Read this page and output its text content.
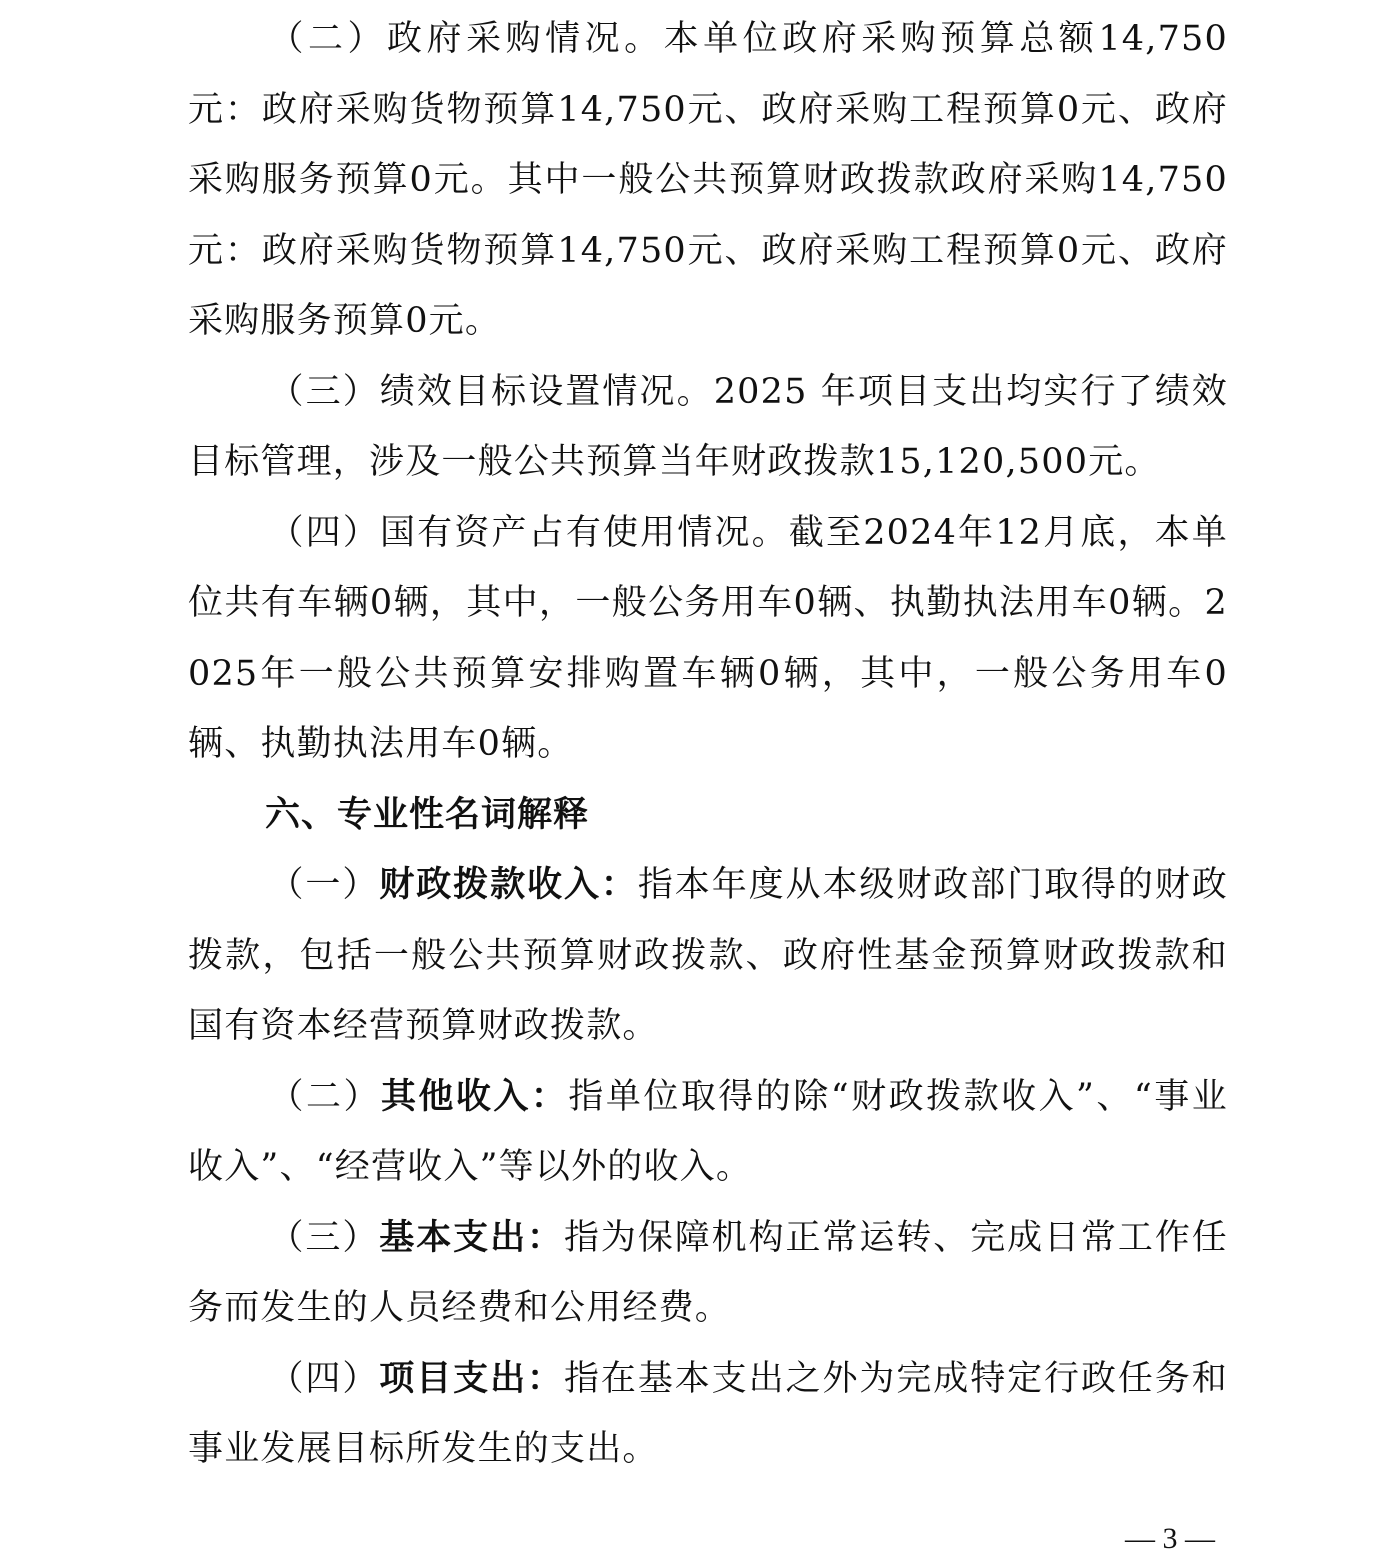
（二）政府采购情况。本单位政府采购预算总额14,750元：政府采购货物预算14,750元、政府采购工程预算0元、政府采购服务预算0元。其中一般公共预算财政拨款政府采购14,750元：政府采购货物预算14,750元、政府采购工程预算0元、政府采购服务预算0元。

（三）绩效目标设置情况。2025 年项目支出均实行了绩效目标管理，涉及一般公共预算当年财政拨款15,120,500元。

（四）国有资产占有使用情况。截至2024年12月底，本单位共有车辆0辆，其中，一般公务用车0辆、执勤执法用车0辆。2025年一般公共预算安排购置车辆0辆，其中，一般公务用车0辆、执勤执法用车0辆。

六、专业性名词解释

（一）财政拨款收入：指本年度从本级财政部门取得的财政拨款，包括一般公共预算财政拨款、政府性基金预算财政拨款和国有资本经营预算财政拨款。

（二）其他收入：指单位取得的除“财政拨款收入”、“事业收入”、“经营收入”等以外的收入。

（三）基本支出：指为保障机构正常运转、完成日常工作任务而发生的人员经费和公用经费。

（四）项目支出：指在基本支出之外为完成特定行政任务和事业发展目标所发生的支出。

— 3 —
